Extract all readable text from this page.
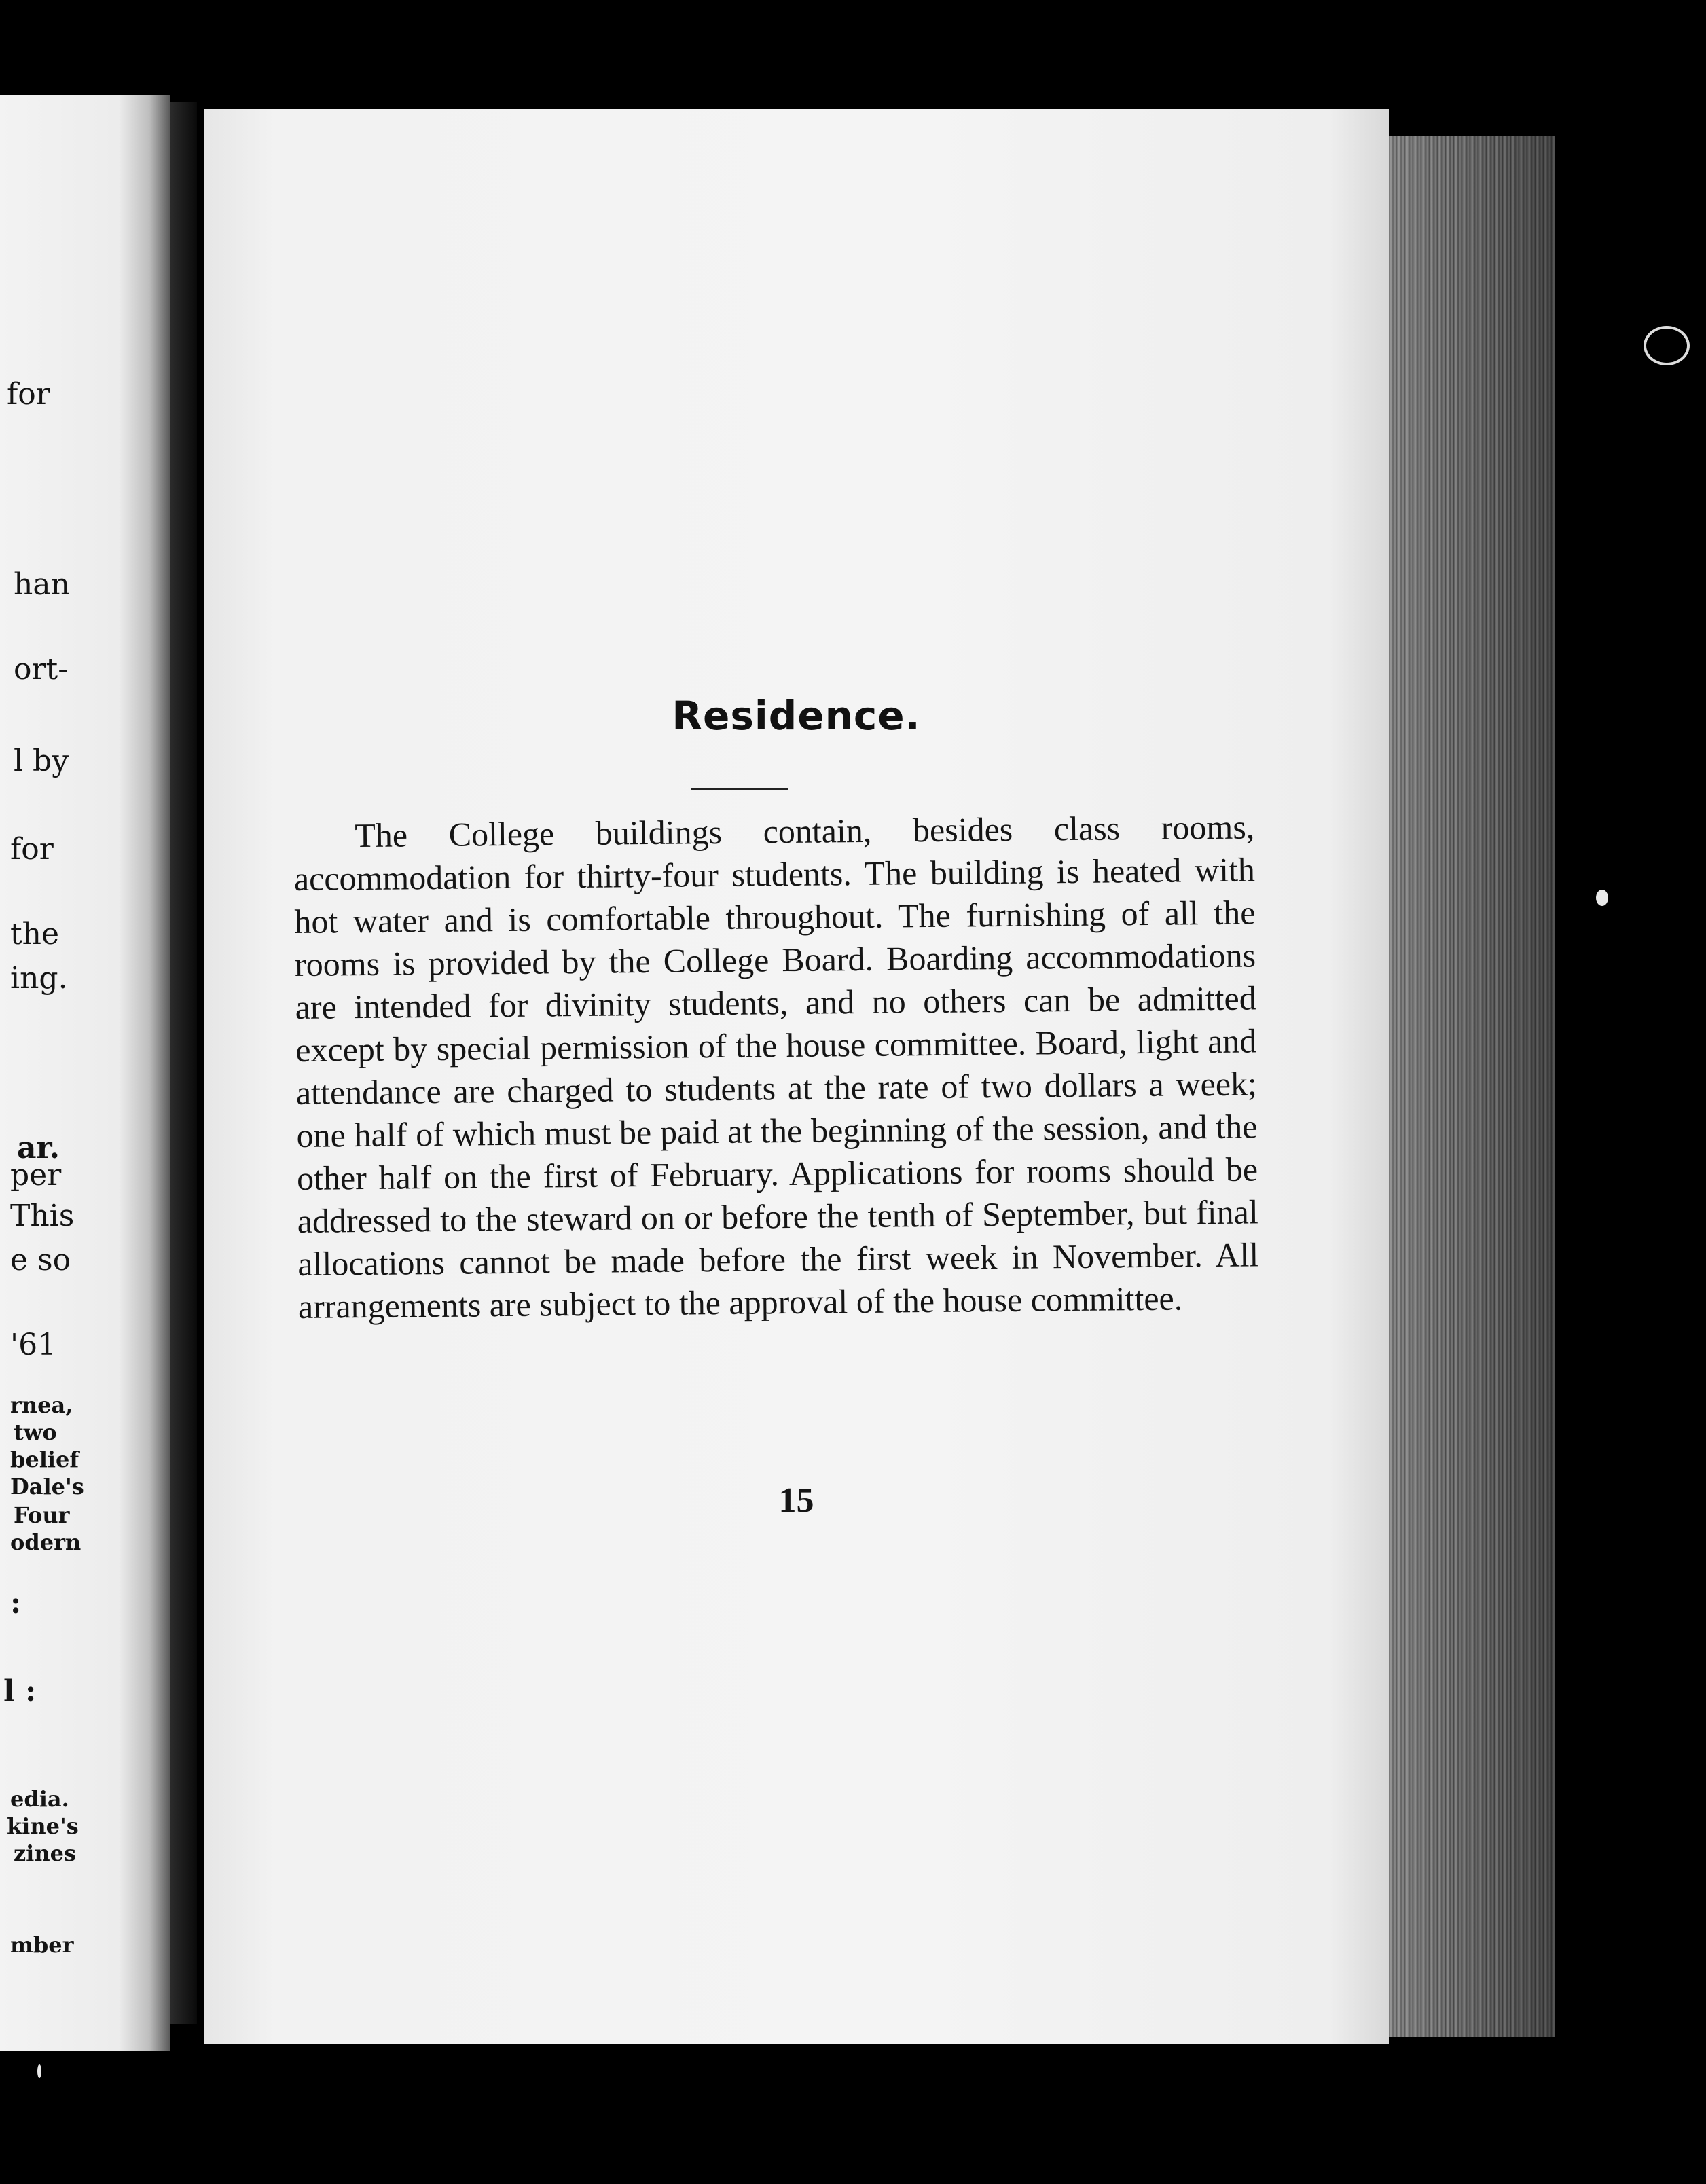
for
han
ort-
l by
for
the
ing.
ar.
per
This
e so
'61
rnea,
two
belief
Dale's
Four
odern
:
l :
edia.
kine's
zines
mber

Residence.

The College buildings contain, besides class rooms, accommodation for thirty-four students. The building is heated with hot water and is comfortable throughout. The furnishing of all the rooms is provided by the College Board. Boarding accommodations are intended for divinity students, and no others can be admitted except by special permission of the house committee. Board, light and attendance are charged to students at the rate of two dollars a week; one half of which must be paid at the beginning of the session, and the other half on the first of February. Applications for rooms should be addressed to the steward on or before the tenth of September, but final allocations cannot be made before the first week in November. All arrangements are subject to the approval of the house committee.

15
